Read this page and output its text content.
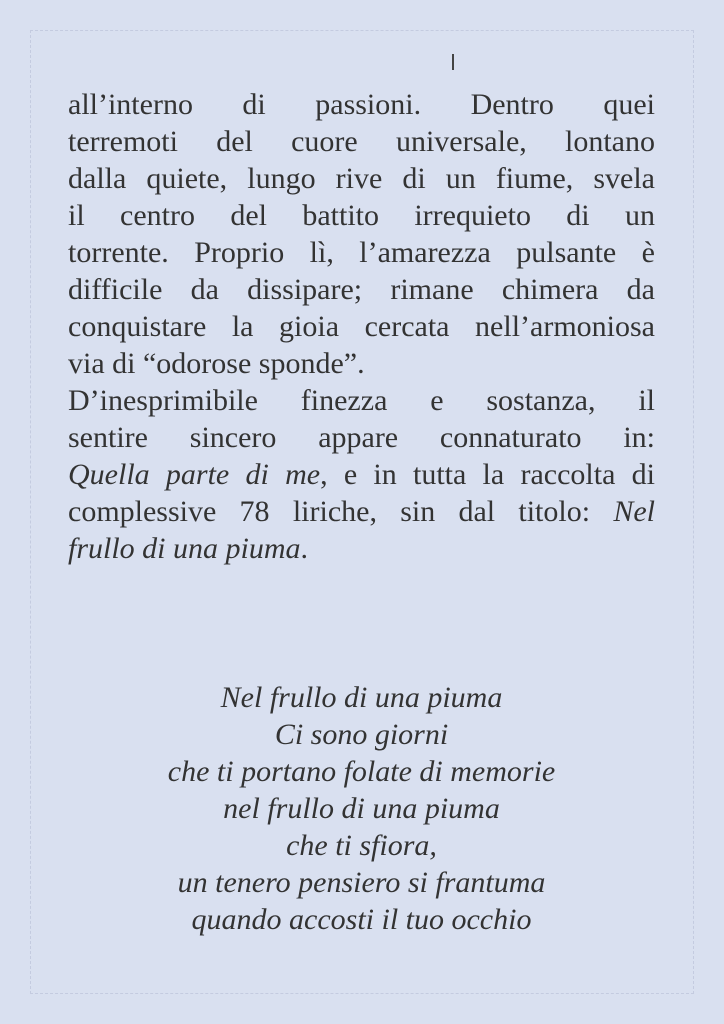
all’interno di passioni. Dentro quei
terremoti del cuore universale, lontano
dalla quiete, lungo rive di un fiume, svela
il centro del battito irrequieto di un
torrente. Proprio lì, l’amarezza pulsante è
difficile da dissipare; rimane chimera da
conquistare la gioia cercata nell’armoniosa
via di “odorose sponde”.
D’inesprimibile finezza e sostanza, il
sentire sincero appare connaturato in:
Quella parte di me, e in tutta la raccolta di
complessive 78 liriche, sin dal titolo: Nel
frullo di una piuma.
Nel frullo di una piuma
Ci sono giorni
che ti portano folate di memorie
nel frullo di una piuma
che ti sfiora,
un tenero pensiero si frantuma
quando accosti il tuo occhio
